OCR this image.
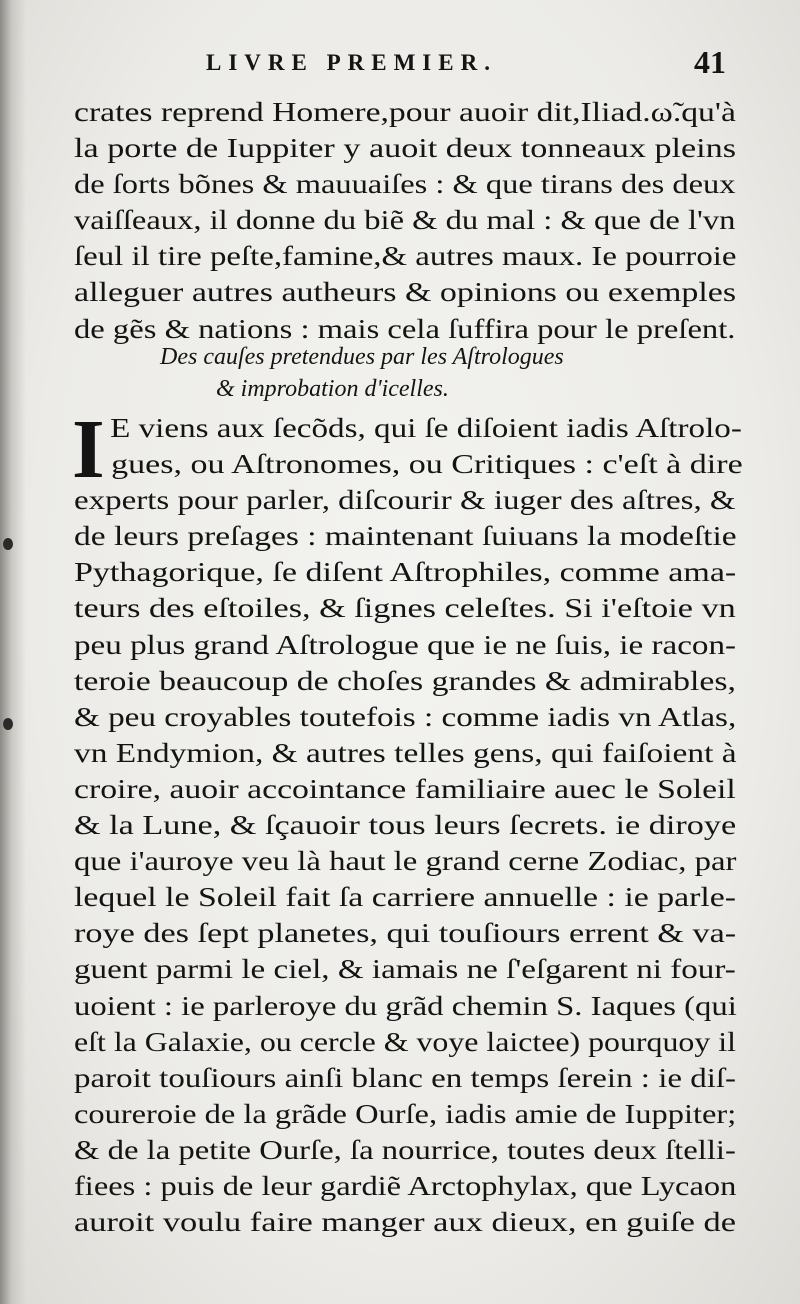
LIVRE PREMIER.	41
crates reprend Homere,pour auoir dit,Iliad.ω̃.qu'à
la porte de Iuppiter y auoit deux tonneaux pleins
de ſorts bõnes & mauuaiſes : & que tirans des deux
vaiſſeaux, il donne du biẽ & du mal : & que de l'vn
ſeul il tire peſte,famine,& autres maux. Ie pourroie
alleguer autres autheurs & opinions ou exemples
de gẽs & nations : mais cela ſuffira pour le preſent.
Des cauſes pretendues par les Aſtrologues
& improbation d'icelles.
I E viens aux ſecõds, qui ſe diſoient iadis Aſtrolo-
gues, ou Aſtronomes, ou Critiques : c'eſt à dire
experts pour parler, diſcourir & iuger des aſtres, &
de leurs preſages : maintenant ſuiuans la modeſtie
Pythagorique, ſe diſent Aſtrophiles, comme ama-
teurs des eſtoiles, & ſignes celeſtes. Si i'eſtoie vn
peu plus grand Aſtrologue que ie ne ſuis, ie racon-
teroie beaucoup de choſes grandes & admirables,
& peu croyables toutefois : comme iadis vn Atlas,
vn Endymion, & autres telles gens, qui faiſoient à
croire, auoir accointance familiaire auec le Soleil
& la Lune, & ſçauoir tous leurs ſecrets. ie diroye
que i'auroye veu là haut le grand cerne Zodiac, par
lequel le Soleil fait ſa carriere annuelle : ie parle-
roye des ſept planetes, qui touſiours errent & va-
guent parmi le ciel, & iamais ne ſ'eſgarent ni four-
uoient : ie parleroye du grãd chemin S. Iaques (qui
eſt la Galaxie, ou cercle & voye laictee) pourquoy il
paroit touſiours ainſi blanc en temps ſerein : ie diſ-
coureroie de la grãde Ourſe, iadis amie de Iuppiter;
& de la petite Ourſe, ſa nourrice, toutes deux ſtelli-
fiees : puis de leur gardiẽ Arctophylax, que Lycaon
auroit voulu faire manger aux dieux, en guiſe de
